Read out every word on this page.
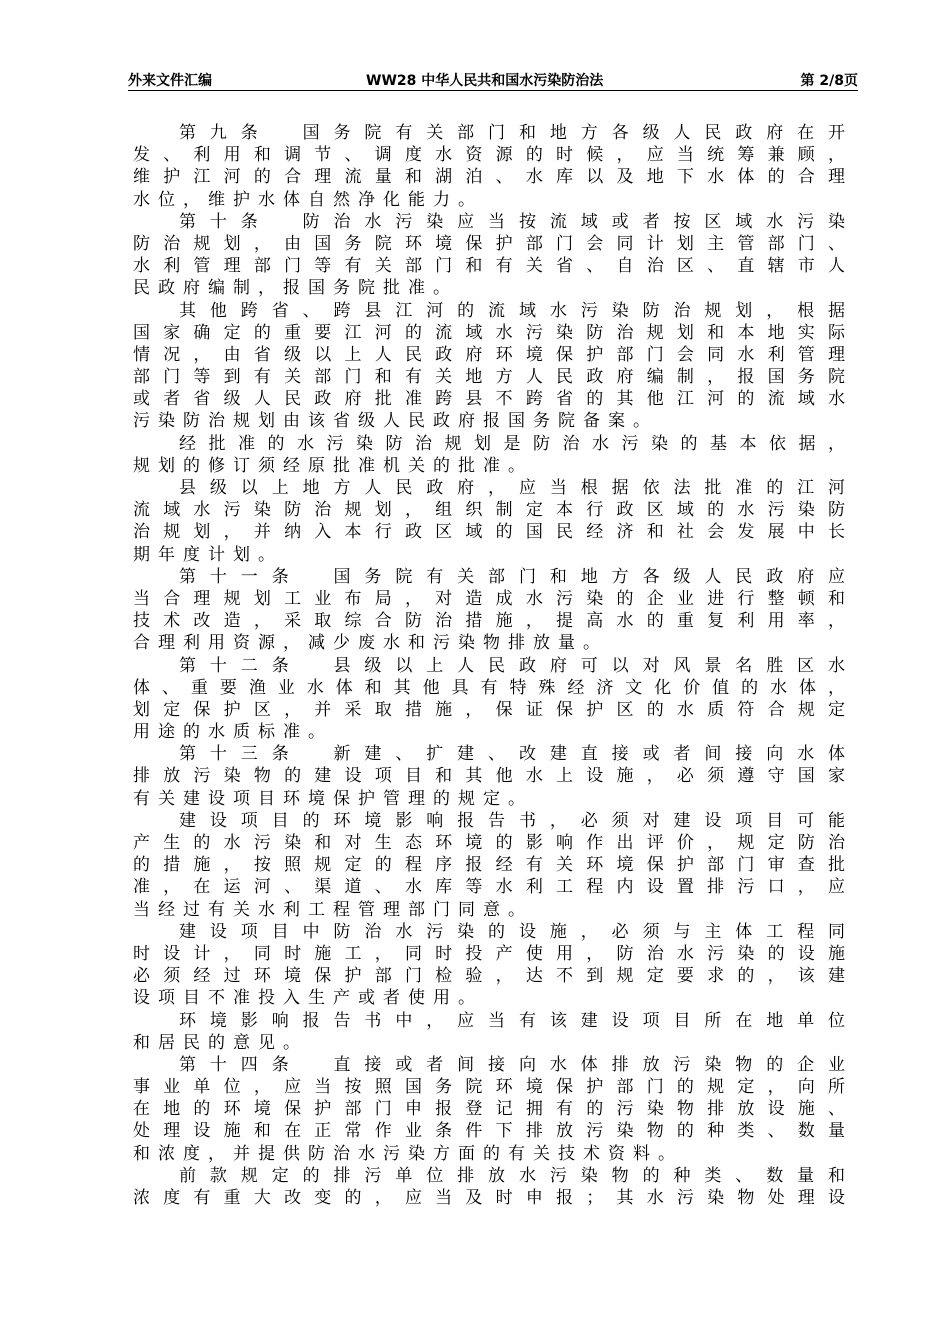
外来文件汇编	WW28 中华人民共和国水污染防治法	第 2/8页
第九条　国务院有关部门和地方各级人民政府在开
发、利用和调节、调度水资源的时候，应当统筹兼顾，
维护江河的合理流量和湖泊、水库以及地下水体的合理
水位，维护水体自然净化能力。
第十条　防治水污染应当按流域或者按区域水污染
防治规划，由国务院环境保护部门会同计划主管部门、
水利管理部门等有关部门和有关省、自治区、直辖市人
民政府编制，报国务院批准。
其他跨省、跨县江河的流域水污染防治规划，根据
国家确定的重要江河的流域水污染防治规划和本地实际
情况，由省级以上人民政府环境保护部门会同水利管理
部门等到有关部门和有关地方人民政府编制，报国务院
或者省级人民政府批准跨县不跨省的其他江河的流域水
污染防治规划由该省级人民政府报国务院备案。
经批准的水污染防治规划是防治水污染的基本依据，
规划的修订须经原批准机关的批准。
县级以上地方人民政府，应当根据依法批准的江河
流域水污染防治规划，组织制定本行政区域的水污染防
治规划，并纳入本行政区域的国民经济和社会发展中长
期年度计划。
第十一条　国务院有关部门和地方各级人民政府应
当合理规划工业布局，对造成水污染的企业进行整顿和
技术改造，采取综合防治措施，提高水的重复利用率，
合理利用资源，减少废水和污染物排放量。
第十二条　县级以上人民政府可以对风景名胜区水
体、重要渔业水体和其他具有特殊经济文化价值的水体，
划定保护区，并采取措施，保证保护区的水质符合规定
用途的水质标准。
第十三条　新建、扩建、改建直接或者间接向水体
排放污染物的建设项目和其他水上设施，必须遵守国家
有关建设项目环境保护管理的规定。
建设项目的环境影响报告书，必须对建设项目可能
产生的水污染和对生态环境的影响作出评价，规定防治
的措施，按照规定的程序报经有关环境保护部门审查批
准，在运河、渠道、水库等水利工程内设置排污口，应
当经过有关水利工程管理部门同意。
建设项目中防治水污染的设施，必须与主体工程同
时设计，同时施工，同时投产使用，防治水污染的设施
必须经过环境保护部门检验，达不到规定要求的，该建
设项目不准投入生产或者使用。
环境影响报告书中，应当有该建设项目所在地单位
和居民的意见。
第十四条　直接或者间接向水体排放污染物的企业
事业单位，应当按照国务院环境保护部门的规定，向所
在地的环境保护部门申报登记拥有的污染物排放设施、
处理设施和在正常作业条件下排放污染物的种类、数量
和浓度，并提供防治水污染方面的有关技术资料。
前款规定的排污单位排放水污染物的种类、数量和
浓度有重大改变的，应当及时申报；其水污染物处理设
